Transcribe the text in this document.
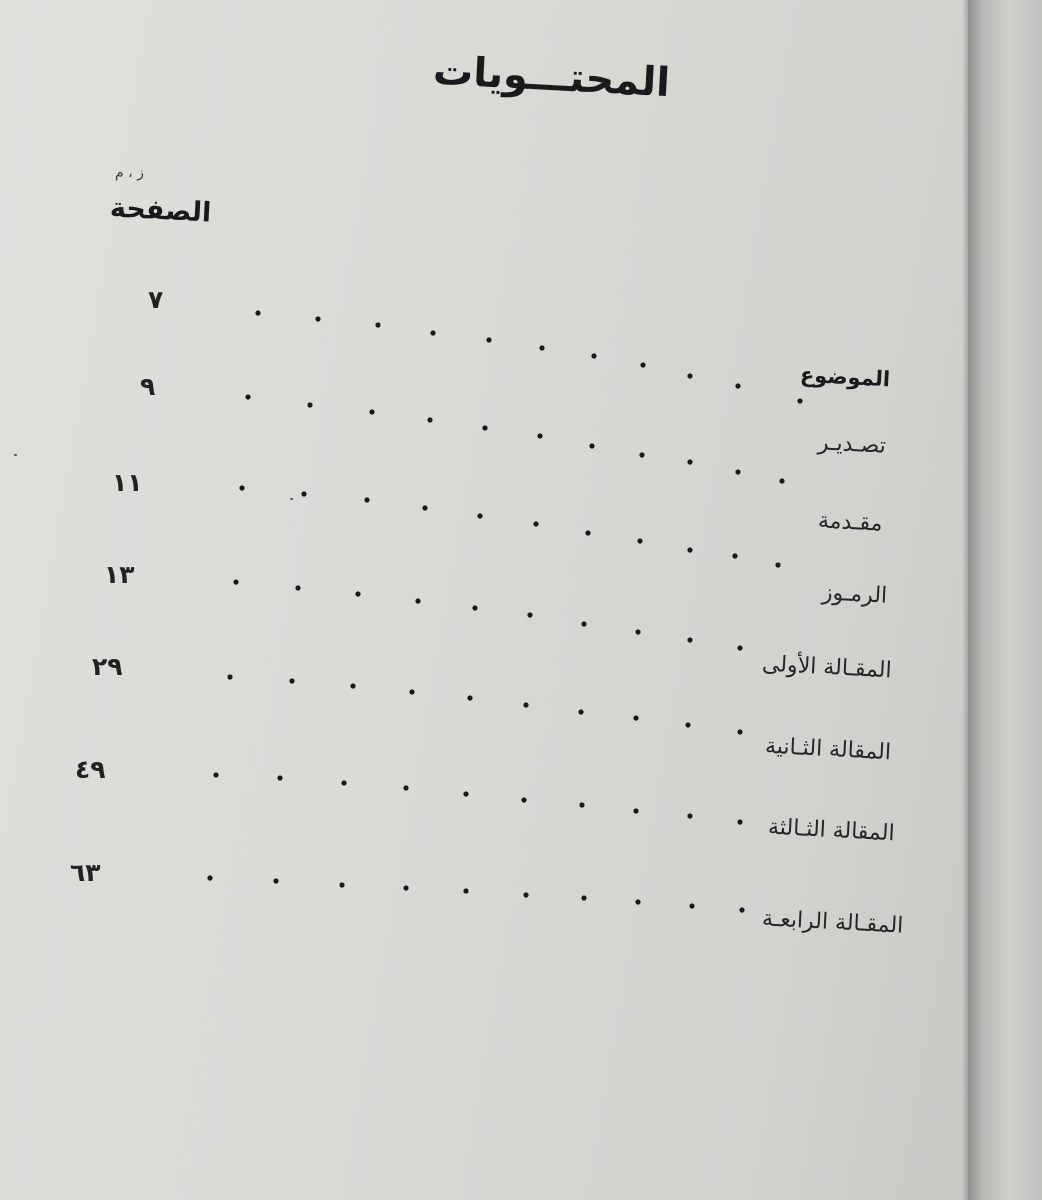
المحتـــويات
ز ، م
الصفحة
الموضوع
تصـديـر
مقـدمة
الرمـوز
المقـالة الأولى
المقالة الثـانية
المقالة الثـالثة
المقـالة الرابعـة
٧
٩
١١
١٣
٢٩
٤٩
٦٣
